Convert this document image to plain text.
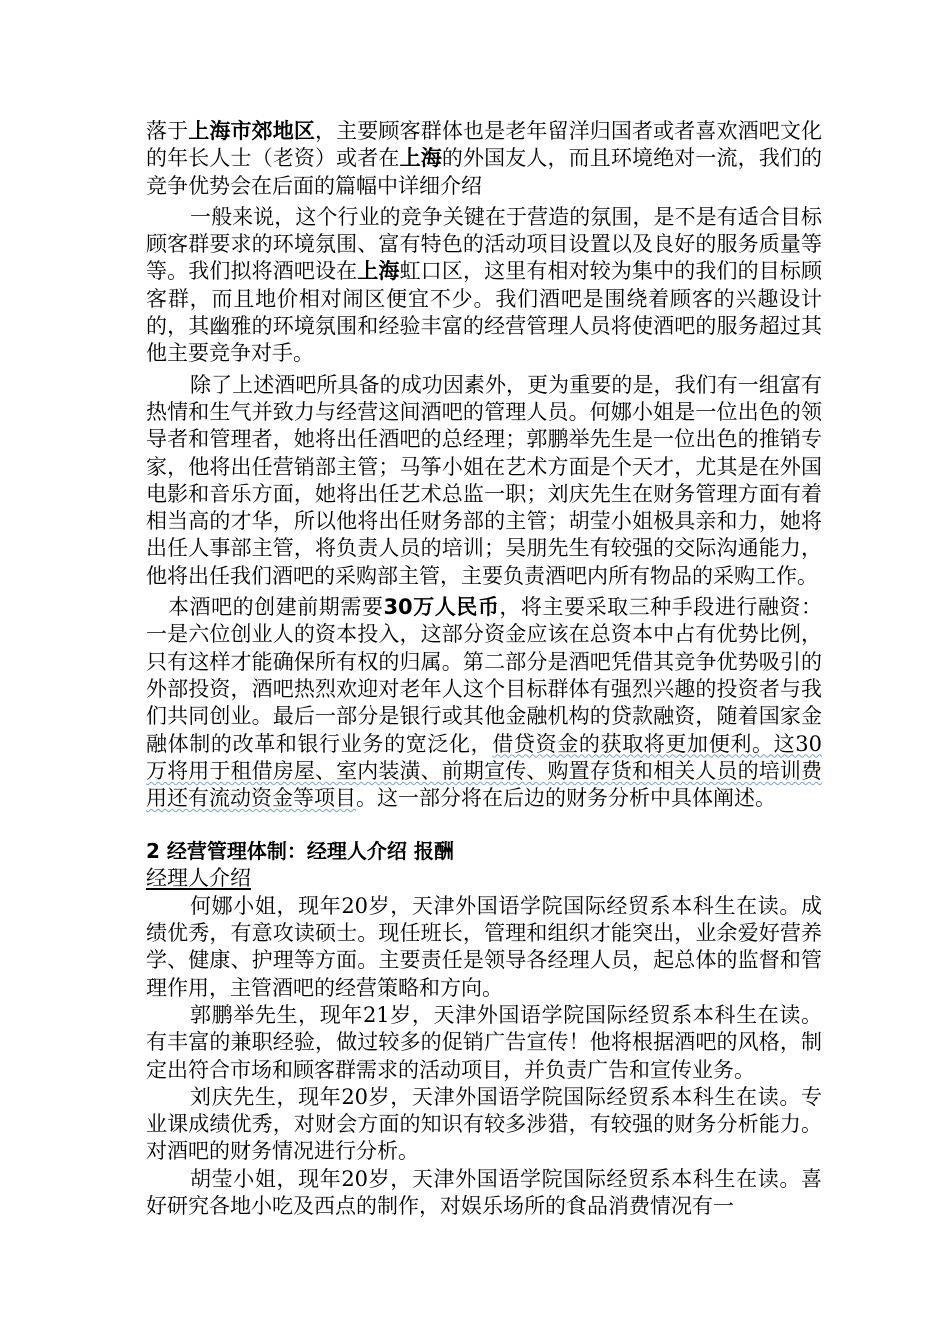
落于上海市郊地区，主要顾客群体也是老年留洋归国者或者喜欢酒吧文化的年长人士（老资）或者在上海的外国友人，而且环境绝对一流，我们的竞争优势会在后面的篇幅中详细介绍

一般来说，这个行业的竞争关键在于营造的氛围，是不是有适合目标顾客群要求的环境氛围、富有特色的活动项目设置以及良好的服务质量等等。我们拟将酒吧设在上海虹口区，这里有相对较为集中的我们的目标顾客群，而且地价相对闹区便宜不少。我们酒吧是围绕着顾客的兴趣设计的，其幽雅的环境氛围和经验丰富的经营管理人员将使酒吧的服务超过其他主要竞争对手。

除了上述酒吧所具备的成功因素外，更为重要的是，我们有一组富有热情和生气并致力与经营这间酒吧的管理人员。何娜小姐是一位出色的领导者和管理者，她将出任酒吧的总经理；郭鹏举先生是一位出色的推销专家，他将出任营销部主管；马筝小姐在艺术方面是个天才，尤其是在外国电影和音乐方面，她将出任艺术总监一职；刘庆先生在财务管理方面有着相当高的才华，所以他将出任财务部的主管；胡莹小姐极具亲和力，她将出任人事部主管，将负责人员的培训；吴朋先生有较强的交际沟通能力，他将出任我们酒吧的采购部主管，主要负责酒吧内所有物品的采购工作。

本酒吧的创建前期需要30万人民币，将主要采取三种手段进行融资：一是六位创业人的资本投入，这部分资金应该在总资本中占有优势比例，只有这样才能确保所有权的归属。第二部分是酒吧凭借其竞争优势吸引的外部投资，酒吧热烈欢迎对老年人这个目标群体有强烈兴趣的投资者与我们共同创业。最后一部分是银行或其他金融机构的贷款融资，随着国家金融体制的改革和银行业务的宽泛化，借贷资金的获取将更加便利。这30万将用于租借房屋、室内装潢、前期宣传、购置存货和相关人员的培训费用还有流动资金等项目。这一部分将在后边的财务分析中具体阐述。

2 经营管理体制：经理人介绍 报酬

经理人介绍

何娜小姐，现年20岁，天津外国语学院国际经贸系本科生在读。成绩优秀，有意攻读硕士。现任班长，管理和组织才能突出，业余爱好营养学、健康、护理等方面。主要责任是领导各经理人员，起总体的监督和管理作用，主管酒吧的经营策略和方向。

郭鹏举先生，现年21岁，天津外国语学院国际经贸系本科生在读。有丰富的兼职经验，做过较多的促销广告宣传！他将根据酒吧的风格，制定出符合市场和顾客群需求的活动项目，并负责广告和宣传业务。

刘庆先生，现年20岁，天津外国语学院国际经贸系本科生在读。专业课成绩优秀，对财会方面的知识有较多涉猎，有较强的财务分析能力。对酒吧的财务情况进行分析。

胡莹小姐，现年20岁，天津外国语学院国际经贸系本科生在读。喜好研究各地小吃及西点的制作，对娱乐场所的食品消费情况有一
